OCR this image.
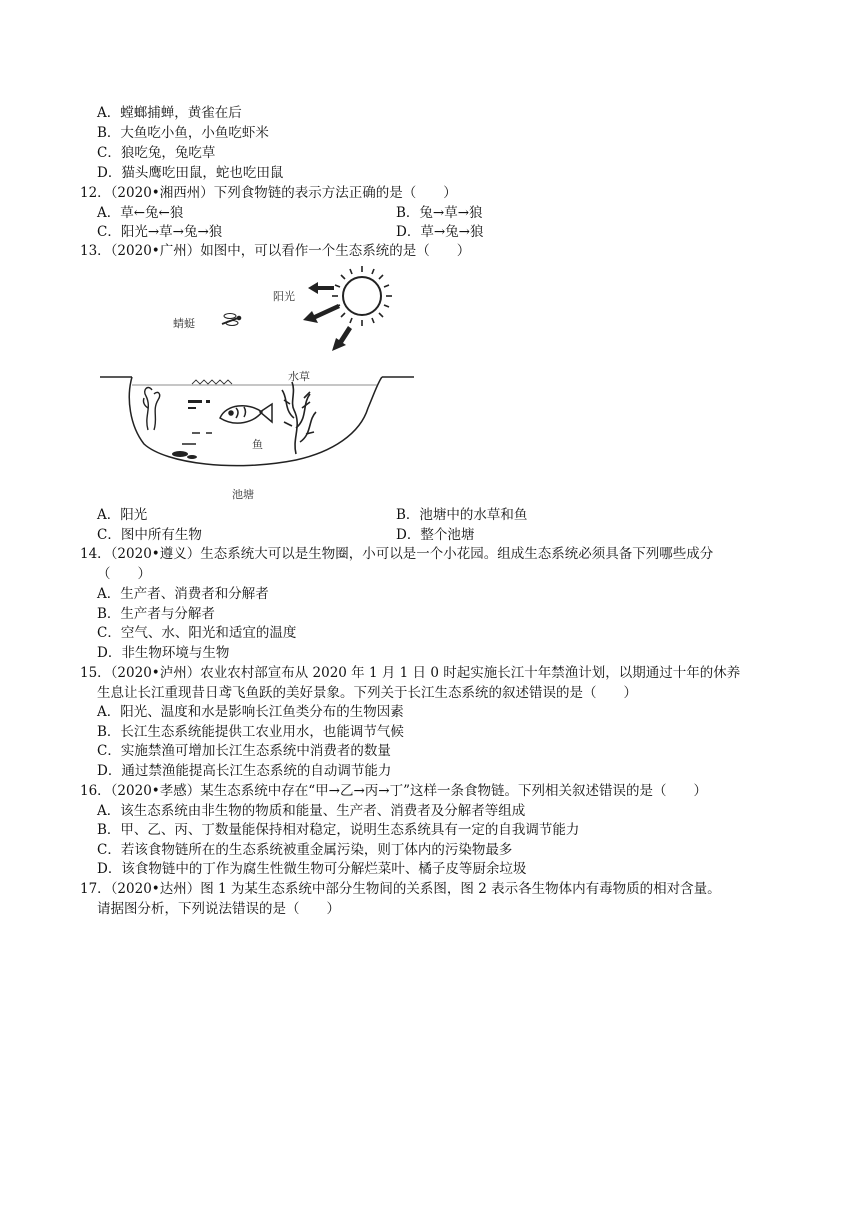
A．螳螂捕蝉，黄雀在后
B．大鱼吃小鱼，小鱼吃虾米
C．狼吃兔，兔吃草
D．猫头鹰吃田鼠，蛇也吃田鼠
12．（2020•湘西州）下列食物链的表示方法正确的是（　　）
A．草←兔←狼	B．兔→草→狼
C．阳光→草→兔→狼	D．草→兔→狼
13．（2020•广州）如图中，可以看作一个生态系统的是（　　）
阳光
蜻蜓
水草
鱼
池塘
A．阳光	B．池塘中的水草和鱼
C．图中所有生物	D．整个池塘
14．（2020•遵义）生态系统大可以是生物圈，小可以是一个小花园。组成生态系统必须具备下列哪些成分
（　　）
A．生产者、消费者和分解者
B．生产者与分解者
C．空气、水、阳光和适宜的温度
D．非生物环境与生物
15．（2020•泸州）农业农村部宣布从 2020 年 1 月 1 日 0 时起实施长江十年禁渔计划，以期通过十年的休养
生息让长江重现昔日鸢飞鱼跃的美好景象。下列关于长江生态系统的叙述错误的是（　　）
A．阳光、温度和水是影响长江鱼类分布的生物因素
B．长江生态系统能提供工农业用水，也能调节气候
C．实施禁渔可增加长江生态系统中消费者的数量
D．通过禁渔能提高长江生态系统的自动调节能力
16．（2020•孝感）某生态系统中存在“甲→乙→丙→丁”这样一条食物链。下列相关叙述错误的是（　　）
A．该生态系统由非生物的物质和能量、生产者、消费者及分解者等组成
B．甲、乙、丙、丁数量能保持相对稳定，说明生态系统具有一定的自我调节能力
C．若该食物链所在的生态系统被重金属污染，则丁体内的污染物最多
D．该食物链中的丁作为腐生性微生物可分解烂菜叶、橘子皮等厨余垃圾
17．（2020•达州）图 1 为某生态系统中部分生物间的关系图，图 2 表示各生物体内有毒物质的相对含量。
请据图分析，下列说法错误的是（　　）
